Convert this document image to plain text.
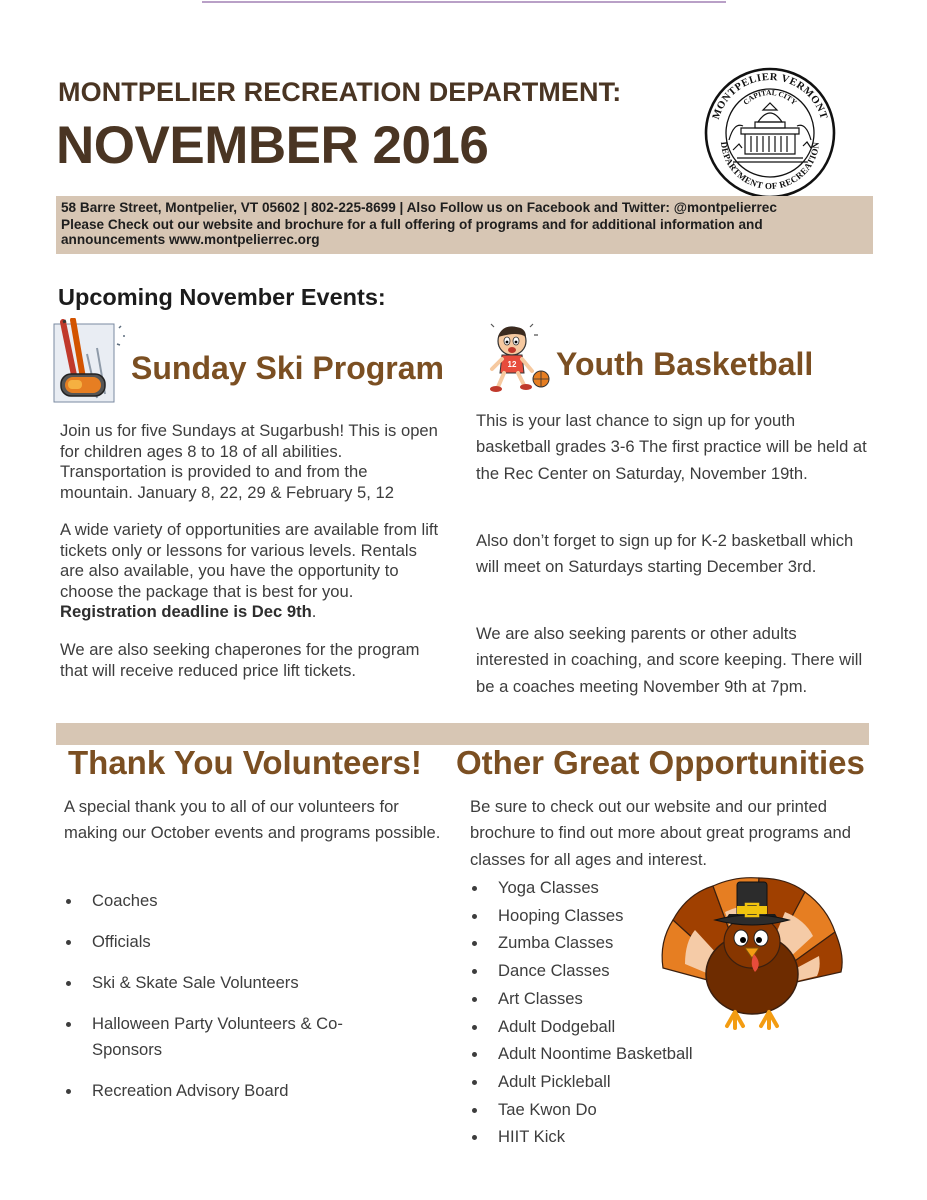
MONTPELIER RECREATION DEPARTMENT:
NOVEMBER 2016
MONTPELIER VERMONT
DEPARTMENT OF RECREATION
CAPITAL CITY
58 Barre Street, Montpelier, VT 05602 | 802-225-8699 | Also Follow us on Facebook and Twitter: @montpelierrec
Please Check out our website and brochure for a full offering of programs and for additional information and
announcements www.montpelierrec.org
Upcoming November Events:
Sunday Ski Program
Join us for five Sundays at Sugarbush! This is open for children ages 8 to 18 of all abilities. Transportation is provided to and from the mountain. January 8, 22, 29 & February 5, 12
A wide variety of opportunities are available from lift tickets only or lessons for various levels. Rentals are also available, you have the opportunity to choose the package that is best for you. Registration deadline is Dec 9th.
We are also seeking chaperones for the program that will receive reduced price lift tickets.
12 Youth Basketball
This is your last chance to sign up for youth basketball grades 3-6 The first practice will be held at the Rec Center on Saturday, November 19th.
Also don’t forget to sign up for K-2 basketball which will meet on Saturdays starting December 3rd.
We are also seeking parents or other adults interested in coaching, and score keeping. There will be a coaches meeting November 9th at 7pm.
Thank You Volunteers! Other Great Opportunities
A special thank you to all of our volunteers for making our October events and programs possible.
Coaches
Officials
Ski & Skate Sale Volunteers
Halloween Party Volunteers & Co-Sponsors
Recreation Advisory Board
Be sure to check out our website and our printed brochure to find out more about great programs and classes for all ages and interest.
Yoga Classes
Hooping Classes
Zumba Classes
Dance Classes
Art Classes
Adult Dodgeball
Adult Noontime Basketball
Adult Pickleball
Tae Kwon Do
HIIT Kick
